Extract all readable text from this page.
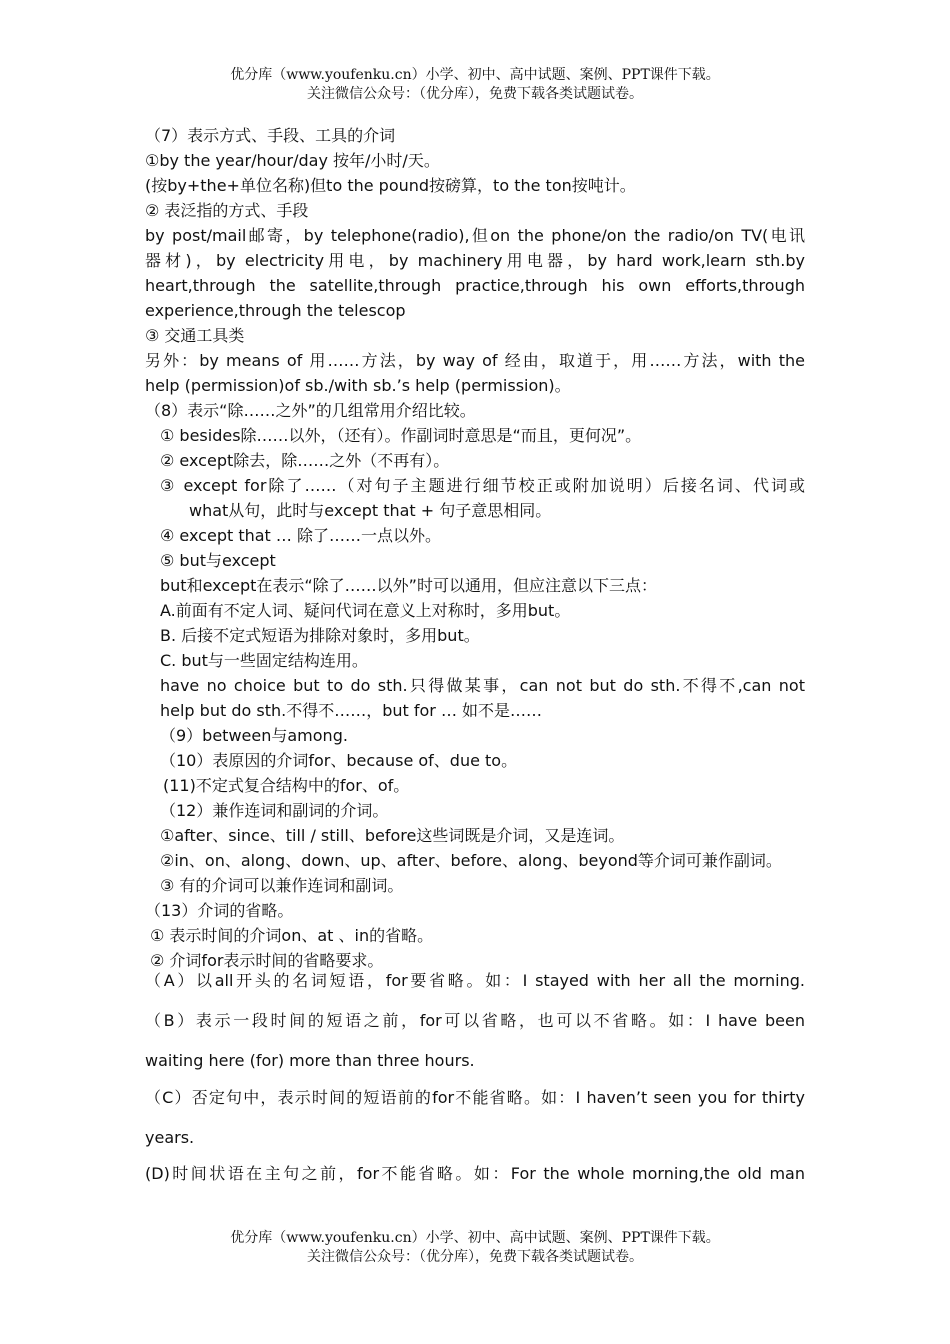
优分库（www.youfenku.cn）小学、初中、高中试题、案例、PPT课件下载。
关注微信公众号：（优分库），免费下载各类试题试卷。
（7）表示方式、手段、工具的介词
①by the year/hour/day 按年/小时/天。
(按by+the+单位名称)但to the pound按磅算，to the ton按吨计。
② 表泛指的方式、手段
by post/mail邮寄，by telephone(radio),但on the phone/on the radio/on TV(电讯
器材)，by electricity用电，by machinery用电器，by hard work,learn sth.by
heart,through the satellite,through practice,through his own efforts,through
experience,through the telescop
③ 交通工具类
另外：by means of 用……方法，by way of 经由，取道于，用……方法，with the
help (permission)of sb./with sb.’s help (permission)。
（8）表示“除……之外”的几组常用介绍比较。
① besides除……以外，（还有）。作副词时意思是“而且，更何况”。
② except除去，除……之外（不再有）。
③ except for除了……（对句子主题进行细节校正或附加说明）后接名词、代词或
what从句，此时与except that + 句子意思相同。
④ except that … 除了……一点以外。
⑤ but与except
but和except在表示“除了……以外”时可以通用，但应注意以下三点：
A.前面有不定人词、疑问代词在意义上对称时，多用but。
B. 后接不定式短语为排除对象时，多用but。
C. but与一些固定结构连用。
have no choice but to do sth.只得做某事，can not but do sth.不得不,can not
help but do sth.不得不……，but for … 如不是……
（9）between与among.
（10）表原因的介词for、because of、due to。
(11)不定式复合结构中的for、of。
（12）兼作连词和副词的介词。
①after、since、till / still、before这些词既是介词，又是连词。
②in、on、along、down、up、after、before、along、beyond等介词可兼作副词。
③ 有的介词可以兼作连词和副词。
（13）介词的省略。
① 表示时间的介词on、at 、in的省略。
② 介词for表示时间的省略要求。
（A）以all开头的名词短语，for要省略。如：I stayed with her all the morning.
（B）表示一段时间的短语之前，for可以省略，也可以不省略。如：I have been
waiting here (for) more than three hours.
（C）否定句中，表示时间的短语前的for不能省略。如：I haven’t seen you for thirty
years.
(D)时间状语在主句之前，for不能省略。如：For the whole morning,the old man
优分库（www.youfenku.cn）小学、初中、高中试题、案例、PPT课件下载。
关注微信公众号：（优分库），免费下载各类试题试卷。
